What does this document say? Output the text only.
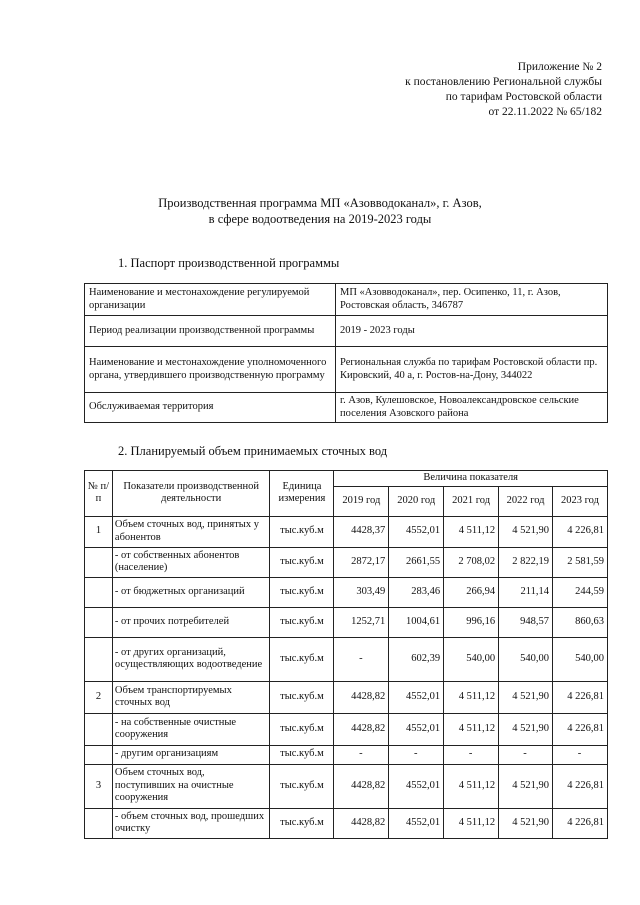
Приложение № 2
к постановлению Региональной службы
по тарифам Ростовской области
от 22.11.2022 № 65/182
Производственная программа МП «Азовводоканал», г. Азов,
в сфере водоотведения на 2019-2023 годы
1. Паспорт производственной программы
Наименование и местонахождение регулируемой организации	МП «Азовводоканал», пер. Осипенко, 11, г. Азов, Ростовская область, 346787
Период реализации производственной программы	2019 - 2023 годы
Наименование и местонахождение уполномоченного органа, утвердившего производственную программу	Региональная служба по тарифам Ростовской области пр. Кировский, 40 а, г. Ростов-на-Дону, 344022
Обслуживаемая территория	г. Азов, Кулешовское, Новоалександровское сельские поселения Азовского района
2. Планируемый объем принимаемых сточных вод
№ п/п	Показатели производственной деятельности	Единица измерения	Величина показателя				
			2019 год	2020 год	2021 год	2022 год	2023 год
1	Объем сточных вод, принятых у абонентов	тыс.куб.м	4428,37	4552,01	4 511,12	4 521,90	4 226,81
	- от собственных абонентов (население)	тыс.куб.м	2872,17	2661,55	2 708,02	2 822,19	2 581,59
	- от бюджетных организаций	тыс.куб.м	303,49	283,46	266,94	211,14	244,59
	- от прочих потребителей	тыс.куб.м	1252,71	1004,61	996,16	948,57	860,63
	- от других организаций, осуществляющих водоотведение	тыс.куб.м	-	602,39	540,00	540,00	540,00
2	Объем транспортируемых сточных вод	тыс.куб.м	4428,82	4552,01	4 511,12	4 521,90	4 226,81
	- на собственные очистные сооружения	тыс.куб.м	4428,82	4552,01	4 511,12	4 521,90	4 226,81
	- другим организациям	тыс.куб.м	-	-	-	-	-
3	Объем сточных вод, поступивших на очистные сооружения	тыс.куб.м	4428,82	4552,01	4 511,12	4 521,90	4 226,81
	- объем сточных вод, прошедших очистку	тыс.куб.м	4428,82	4552,01	4 511,12	4 521,90	4 226,81
